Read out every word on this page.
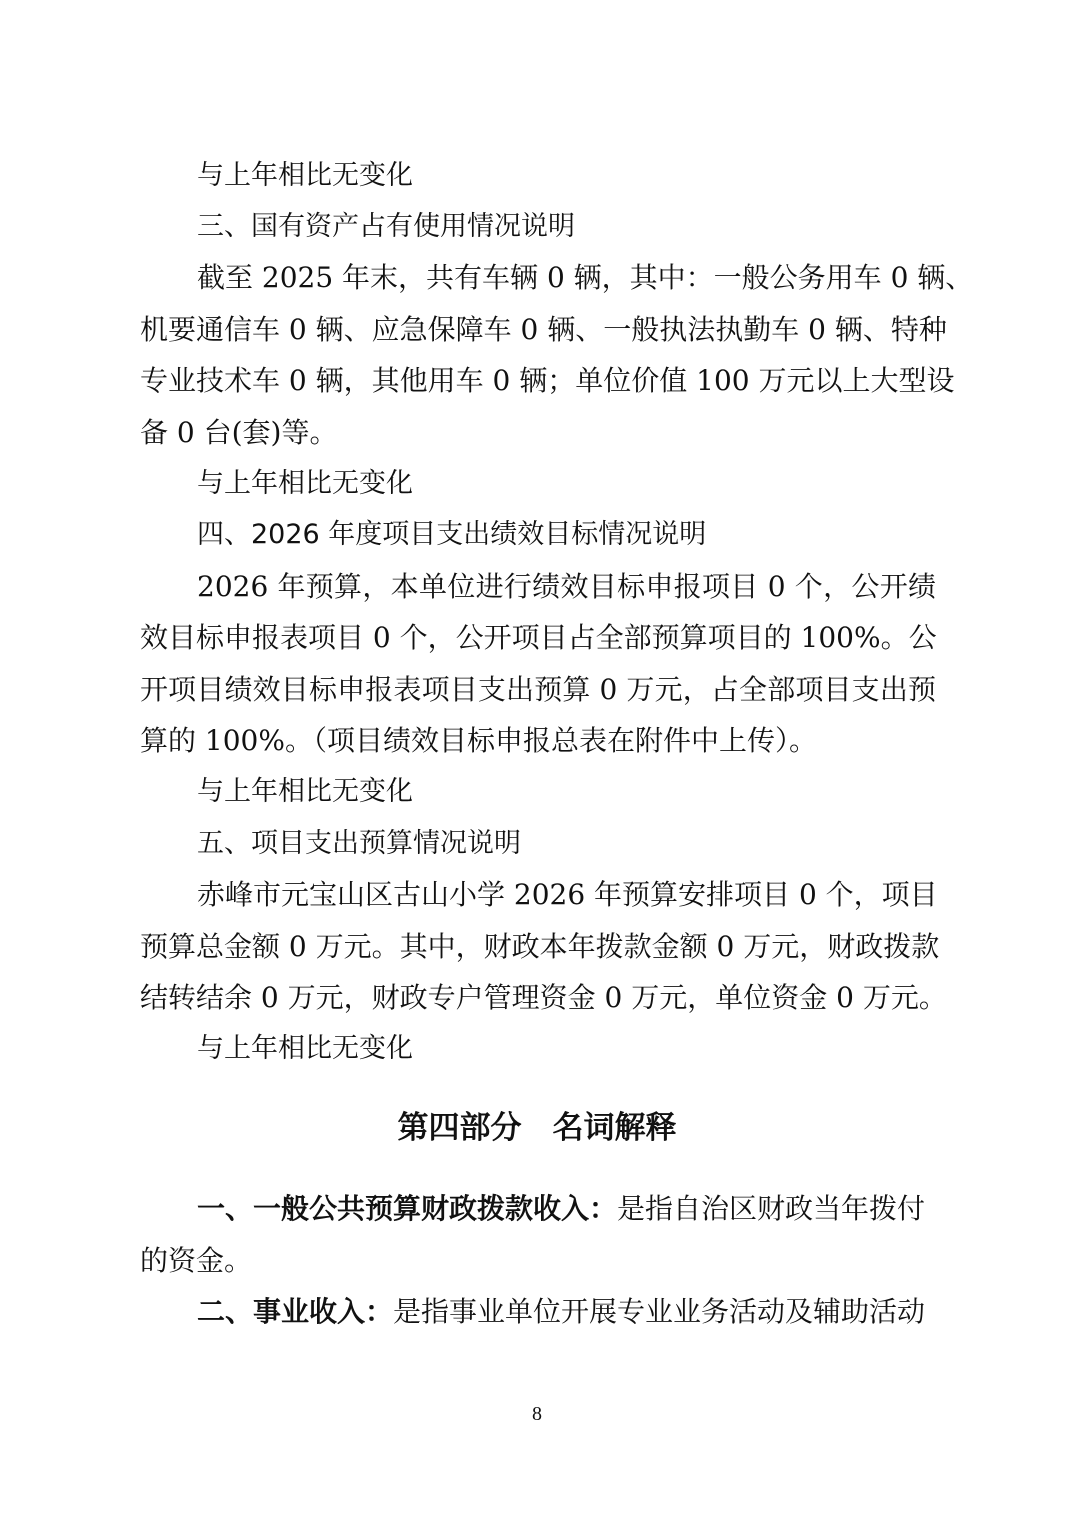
与上年相比无变化

三、国有资产占有使用情况说明

截至 2025 年末，共有车辆 0 辆，其中：一般公务用车 0 辆、

机要通信车 0 辆、应急保障车 0 辆、一般执法执勤车 0 辆、特种

专业技术车 0 辆，其他用车 0 辆；单位价值 100 万元以上大型设

备 0 台(套)等。

与上年相比无变化

四、2026 年度项目支出绩效目标情况说明

2026 年预算，本单位进行绩效目标申报项目 0 个，公开绩

效目标申报表项目 0 个，公开项目占全部预算项目的 100%。公

开项目绩效目标申报表项目支出预算 0 万元，占全部项目支出预

算的 100%。（项目绩效目标申报总表在附件中上传）。

与上年相比无变化

五、项目支出预算情况说明

赤峰市元宝山区古山小学 2026 年预算安排项目 0 个，项目

预算总金额 0 万元。其中，财政本年拨款金额 0 万元，财政拨款

结转结余 0 万元，财政专户管理资金 0 万元，单位资金 0 万元。

与上年相比无变化

第四部分　名词解释

一、一般公共预算财政拨款收入：是指自治区财政当年拨付

的资金。

二、事业收入：是指事业单位开展专业业务活动及辅助活动

8
